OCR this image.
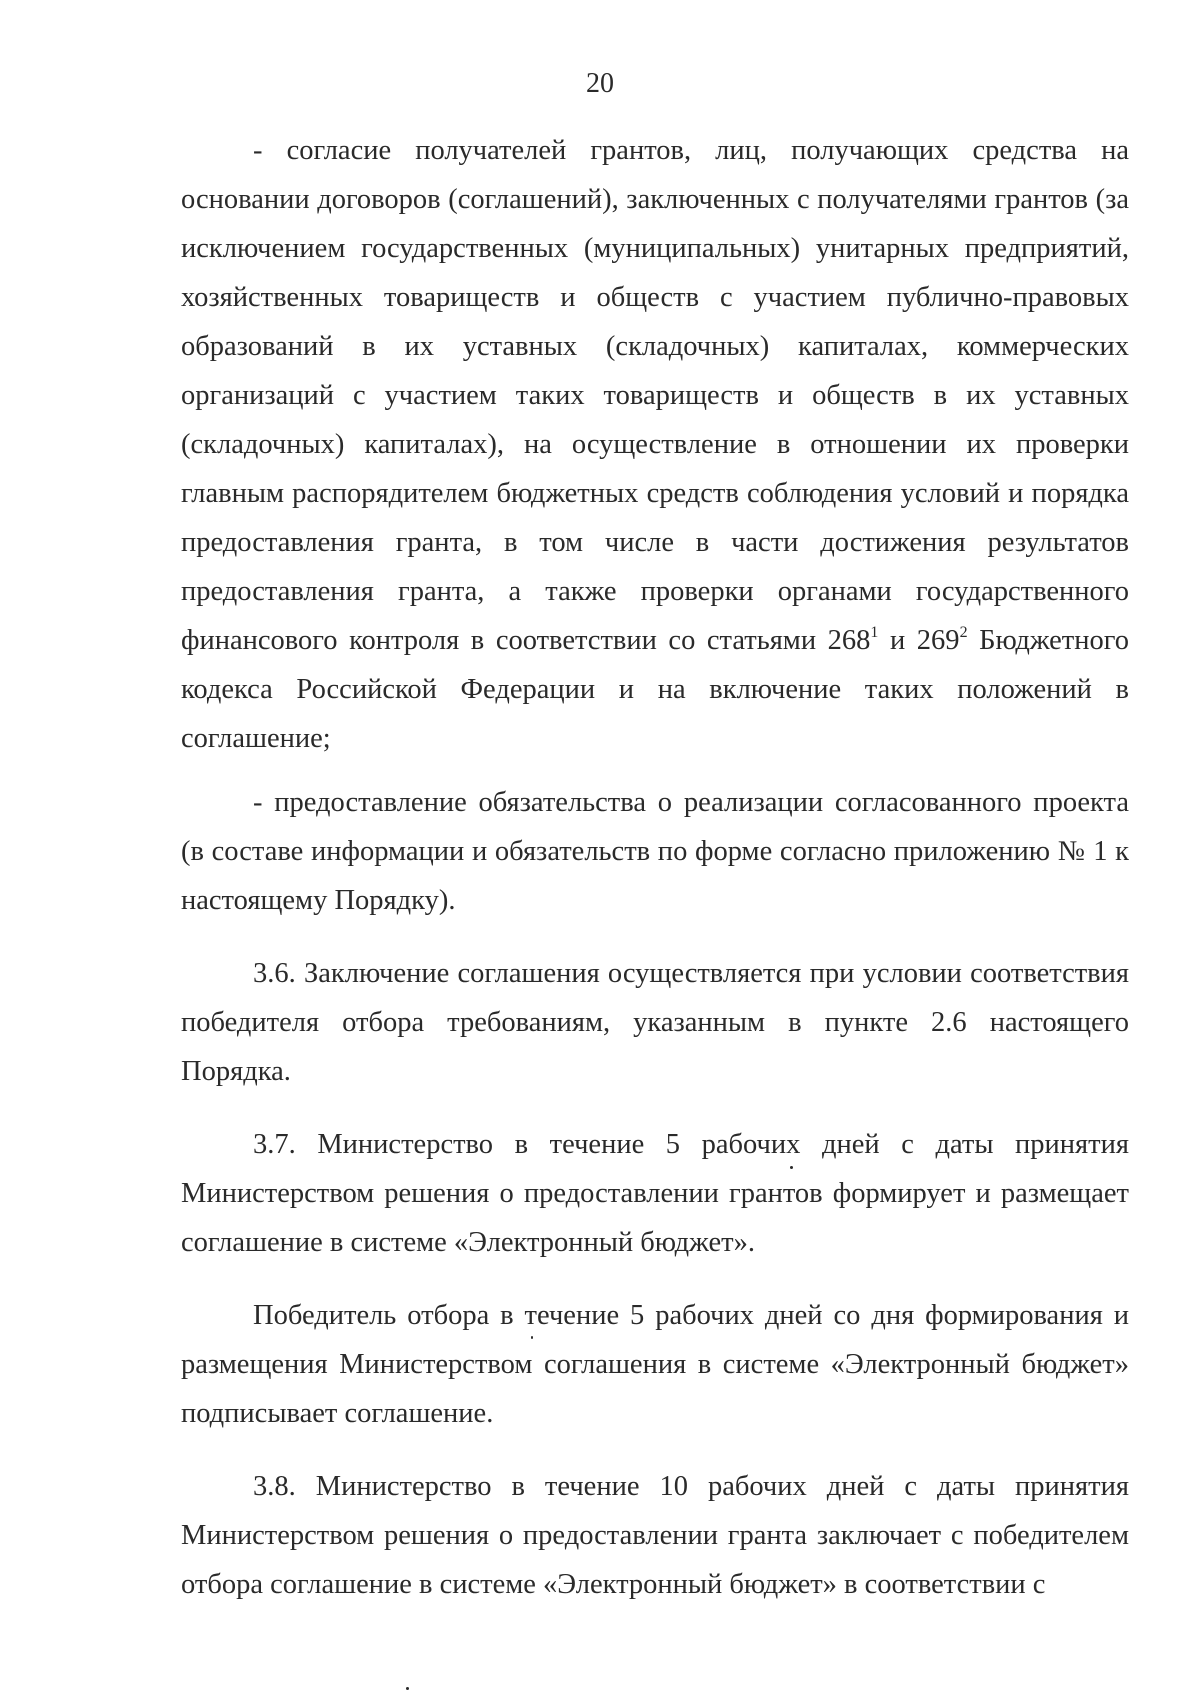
20

- согласие получателей грантов, лиц, получающих средства на основании договоров (соглашений), заключенных с получателями грантов (за исключением государственных (муниципальных) унитарных предприятий, хозяйственных товариществ и обществ с участием публично-правовых образований в их уставных (складочных) капиталах, коммерческих организаций с участием таких товариществ и обществ в их уставных (складочных) капиталах), на осуществление в отношении их проверки главным распорядителем бюджетных средств соблюдения условий и порядка предоставления гранта, в том числе в части достижения результатов предоставления гранта, а также проверки органами государственного финансового контроля в соответствии со статьями $268^1$ и $269^2$ Бюджетного кодекса Российской Федерации и на включение таких положений в соглашение;

- предоставление обязательства о реализации согласованного проекта (в составе информации и обязательств по форме согласно приложению № 1 к настоящему Порядку).

3.6. Заключение соглашения осуществляется при условии соответствия победителя отбора требованиям, указанным в пункте 2.6 настоящего Порядка.

3.7. Министерство в течение 5 рабочих дней с даты принятия Министерством решения о предоставлении грантов формирует и размещает соглашение в системе «Электронный бюджет».

Победитель отбора в течение 5 рабочих дней со дня формирования и размещения Министерством соглашения в системе «Электронный бюджет» подписывает соглашение.

3.8. Министерство в течение 10 рабочих дней с даты принятия Министерством решения о предоставлении гранта заключает с победителем отбора соглашение в системе «Электронный бюджет» в соответствии с
